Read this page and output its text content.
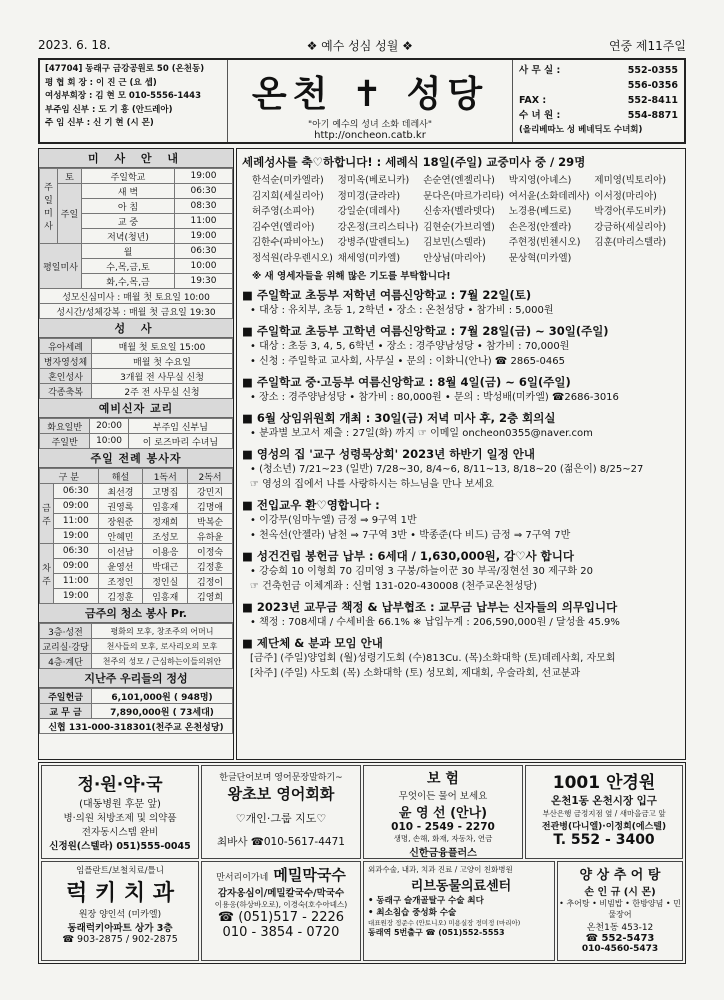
2023. 6. 18.	❖ 예수 성심 성월 ❖	연중 제11주일
[47704] 동래구 금강공원로 50 (온천동)
평 협 회 장 : 이 진 근 (요 셉)
여성부회장 : 김 현 모 010-5556-1443
부주임 신부 : 도 기 흥 (안드레아)
주 임 신부 : 신 기 현 (시 몬)
온천 ✝ 성당
"아기 예수의 성녀 소화 데레사"
http://oncheon.catb.kr
사 무 실 :	552-0355
556-0356
FAX :	552-8411
수 녀 원 :	554-8871
(올리베따노 성 베네딕도 수녀회)
미 사 안 내
주일미사	토	주일학교	19:00
	주일	새 벽	06:30
		아 침	08:30
		교 중	11:00
		저녁(청년)	19:00
평일미사		월	06:30
		수,목,금,토	10:00
		화,수,목,금	19:30
성모신심미사 : 매월 첫 토요일 10:00			
성시간/성체강복 : 매월 첫 금요일 19:30			
성 사
유아세례	매월 첫 토요일 15:00
병자영성체	매월 첫 수요일
혼인성사	3개월 전 사무실 신청
각종축복	2주 전 사무실 신청
예비신자 교리
화요일반	20:00	부주임 신부님
주일반	10:00	이 로즈마리 수녀님
주일 전례 봉사자
구 분		해설	1독서	2독서
금주	06:30	최선경	고명집	강민지
	09:00	권영록	임흥재	김명애
	11:00	장원준	정재희	박복순
	19:00	안혜민	조성모	유하윤
차주	06:30	이선남	이용응	이정숙
	09:00	윤영선	박대근	김정훈
	11:00	조정인	정인실	김정이
	19:00	김정훈	임흥재	김영희
금주의 청소 봉사 Pr.
3층·성전	평화의 모후, 창조주의 어머니
교리실·강당	천사들의 모후, 로사리오의 모후
4층·계단	천주의 성모 / 근심하는이들의위안
지난주 우리들의 정성
주일헌금	6,101,000원 ( 948명)
교 무 금	7,890,000원 ( 73세대)
신협 131-000-318301(천주교 온천성당)	
세례성사를 축♡하합니다! : 세례식 18일(주일) 교중미사 중 / 29명
한석순(미카엘라)	정미옥(베로니카)	손순연(엔젤리나)	박지영(아녜스)	제미영(빅토리아)
김지희(세실리아)	정미경(글라라)	문다은(마르가리타) 여서윤(소화데레사) 이서정(마리아)
허주영(소피아)	강일순(데레사)	신송자(벨라뎃다)	노경용(베드로)	박경아(루도비카)
김수연(엘리아)	강온정(크리스티나) 김현순(가브리엘)	손은정(안젤라)	강금하(세실리아)
김한수(파비아노)	강병주(발렌티노)	김보민(스텔라)	주현정(빈첸시오)	김훈(마리스텔라)
정석원(라우렌시오) 채세영(미카엘)	안상님(마리아)	문상혁(미카엘)
※ 새 영세자들을 위해 많은 기도를 부탁합니다!
■ 주일학교 초등부 저학년 여름신앙학교 : 7월 22일(토)
• 대상 : 유치부, 초등 1, 2학년 • 장소 : 온천성당 • 참가비 : 5,000원
■ 주일학교 초등부 고학년 여름신앙학교 : 7월 28일(금) ~ 30일(주일)
• 대상 : 초등 3, 4, 5, 6학년 • 장소 : 경주양남성당 • 참가비 : 70,000원
• 신청 : 주일학교 교사회, 사무실 • 문의 : 이화니(안나) ☎ 2865-0465
■ 주일학교 중·고등부 여름신앙학교 : 8월 4일(금) ~ 6일(주일)
• 장소 : 경주양남성당 • 참가비 : 80,000원 • 문의 : 박성배(미카엘) ☎2686-3016
■ 6월 상임위원회 개최 : 30일(금) 저녁 미사 후, 2층 회의실
• 분과별 보고서 제출 : 27일(화) 까지 ☞ 이메일 oncheon0355@naver.com
■ 영성의 집 '교구 성령묵상회' 2023년 하반기 일정 안내
• (청소년) 7/21~23 (일반) 7/28~30, 8/4~6, 8/11~13, 8/18~20 (젊은이) 8/25~27
☞ 영성의 집에서 나를 사랑하시는 하느님을 만나 보세요
■ 전입교우 환♡영합니다 :
• 이강무(임마누엘) 금정 ⇒ 9구역 1반
• 천옥선(안젤라) 남천 ⇒ 7구역 3반 • 박종준(다 비드) 금정 ⇒ 7구역 7반
■ 성건건립 봉헌금 납부 : 6세대 / 1,630,000원, 감♡사 합니다
• 강승희 10 이형희 70 김미영 3 구붕/하늘이꾼 30 부곡/징현선 30 제구화 20
☞ 건축헌금 이체계좌 : 신협 131-020-430008 (천주교온천성당)
■ 2023년 교무금 책정 & 납부협조 : 교무금 납부는 신자들의 의무입니다
• 책정 : 708세대 / 수세비율 66.1% ※ 납입누계 : 206,590,000원 / 달성율 45.9%
■ 제단체 & 분과 모임 안내
[금주] (주일)양업회 (월)성령기도회 (수)813Cu. (목)소화대학 (토)데레사회, 자모회
[차주] (주일) 사도회 (목) 소화대학 (토) 성모회, 제대회, 우술라회, 선교분과
정·원·약·국
(대동병원 후문 앞)
병·의원 처방조제 및 의약품
전자동시스템 완비
신정원(스텔라) 051)555-0045
한글단어보며 영어문장말하기~
왕초보 영어회화
♡개인·그룹 지도♡
최바사 ☎010-5617-4471
보 험
무엇이든 물어 보세요
윤 영 선 (안나)
010 - 2549 - 2270
생명, 손해, 화재, 자동차, 연금
신한금융플러스
1001 안경원
온천1동 온천시장 입구
부산은행 금정지점 옆 / 새마을금고 앞
전관병(다니엘)·이정희(에스텔)
T. 552 - 3400
임플란트/보철치료/틀니
럭 키 치 과
원장 양인석 (미카엘)
동래럭키아파트 상가 3층
☎ 903-2875 / 902-2875
만서리이가네 메밀막국수
감자옹심이/메밀칼국수/막국수
이용응(하상바오로), 이경숙(호수아녜스)
☎ (051)517 - 2226
010 - 3854 - 0720
외과수술, 내과, 치과 진료 / 고양이 친화병원
리브동물의료센터
• 동래구 슬개골탈구 수술 최다
• 최소침습 중성화 수술
대표원장 정준수 (안토니오) 미용실장 정미정 (마리아)
동래역 5번출구 ☎ (051)552-5553
양 상 추 어 탕
손 인 규 (시 몬)
• 추어탕 • 비빔밥 • 한방양념 • 민물장어
온천1동 453-12
☎ 552-5473
010-4560-5473
